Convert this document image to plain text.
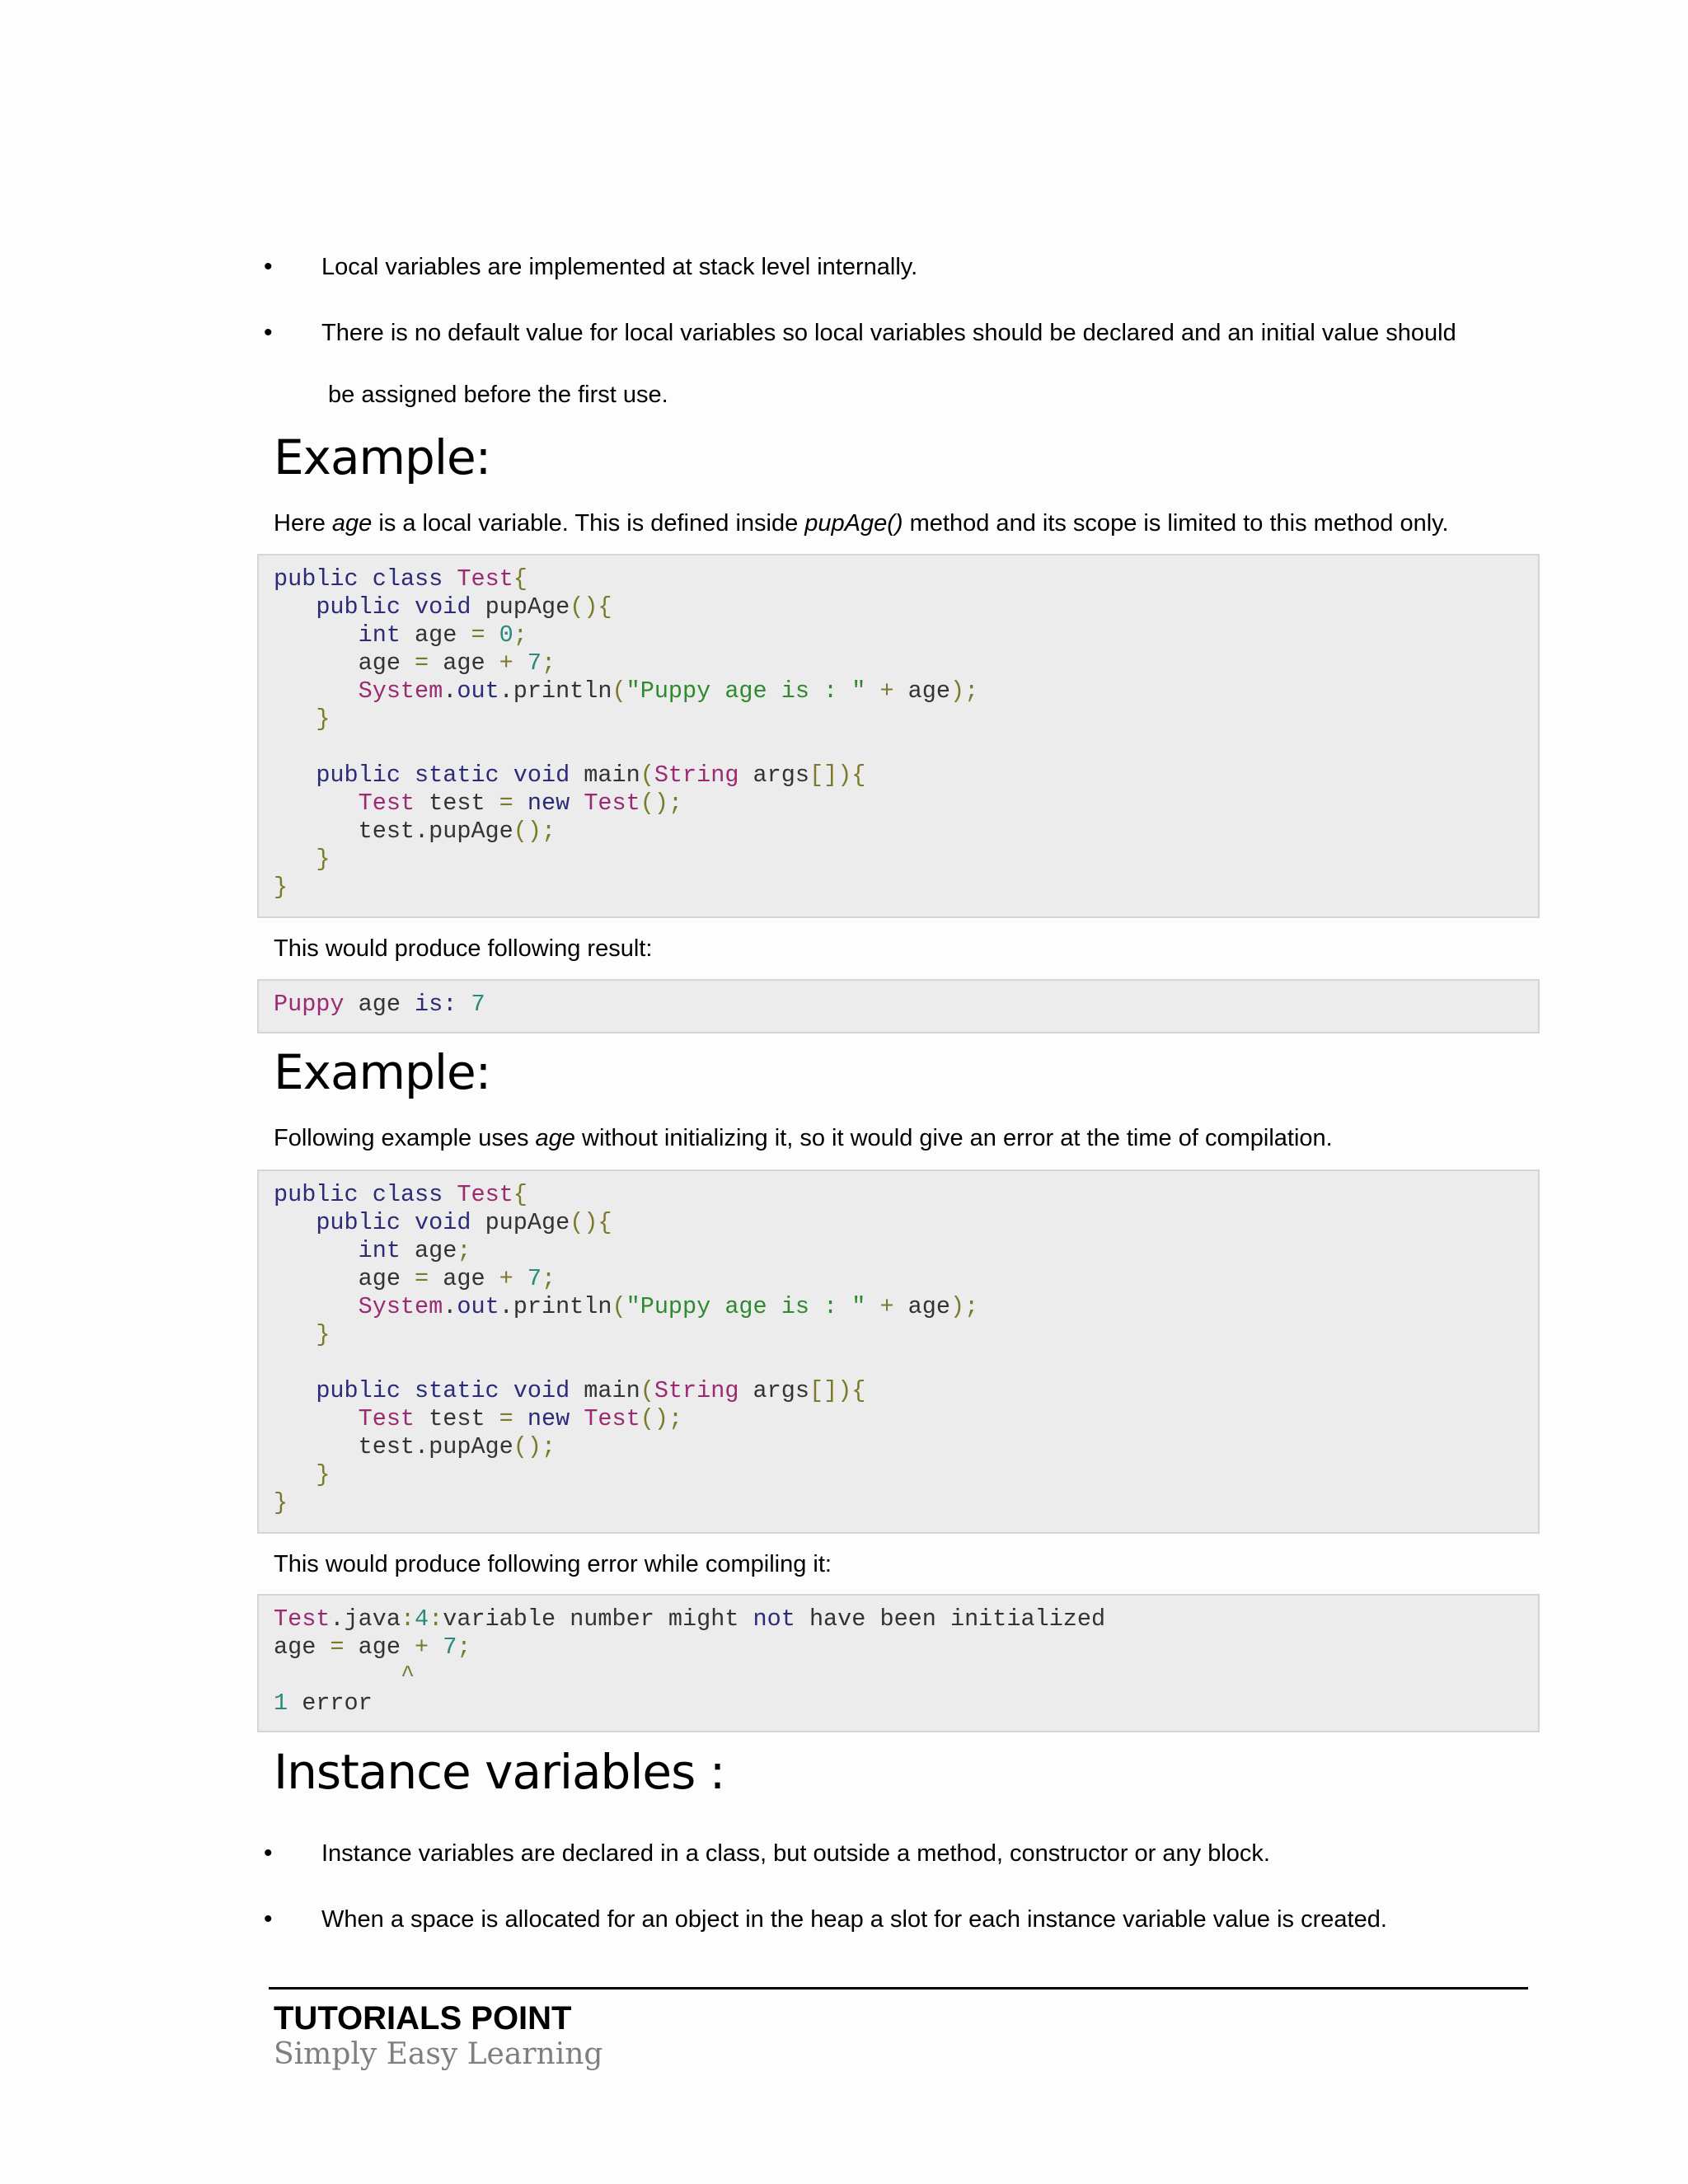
• Local variables are implemented at stack level internally.
• There is no default value for local variables so local variables should be declared and an initial value should
be assigned before the first use.
Example:
Here age is a local variable. This is defined inside pupAge() method and its scope is limited to this method only.
public class Test{
public void pupAge(){
int age = 0;
age = age + 7;
System.out.println("Puppy age is : " + age);
}

public static void main(String args[]){
Test test = new Test();
test.pupAge();
}
}
This would produce following result:
Puppy age is: 7
Example:
Following example uses age without initializing it, so it would give an error at the time of compilation.
public class Test{
public void pupAge(){
int age;
age = age + 7;
System.out.println("Puppy age is : " + age);
}

public static void main(String args[]){
Test test = new Test();
test.pupAge();
}
}
This would produce following error while compiling it:
Test.java:4:variable number might not have been initialized
age = age + 7;
^
1 error
Instance variables :
• Instance variables are declared in a class, but outside a method, constructor or any block.
• When a space is allocated for an object in the heap a slot for each instance variable value is created.
TUTORIALS POINT
Simply Easy Learning
